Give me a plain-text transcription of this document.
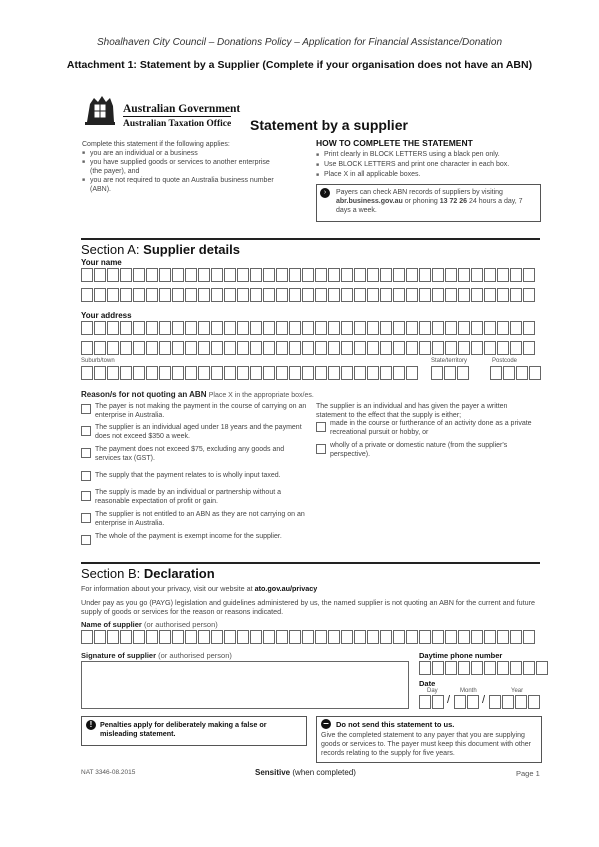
Shoalhaven City Council – Donations Policy – Application for Financial Assistance/Donation
Attachment 1: Statement by a Supplier (Complete if your organisation does not have an ABN)
Australian Government
Australian Taxation Office Statement by a supplier
Complete this statement if the following applies:
■ you are an individual or a business
■ you have supplied goods or services to another enterprise (the payer), and
■ you are not required to quote an Australia business number (ABN).
HOW TO COMPLETE THE STATEMENT
■ Print clearly in BLOCK LETTERS using a black pen only.
■ Use BLOCK LETTERS and print one character in each box.
■ Place X in all applicable boxes.
›	Payers can check ABN records of suppliers by visiting abr.business.gov.au or phoning 13 72 26 24 hours a day, 7 days a week.
Section A: Supplier details
Your name
Your address
Suburb/town	State/territory	Postcode
Reason/s for not quoting an ABN Place X in the appropriate box/es.
The payer is not making the payment in the course of carrying on an enterprise in Australia.
The supplier is an individual aged under 18 years and the payment does not exceed $350 a week.
The payment does not exceed $75, excluding any goods and services tax (GST).
The supply that the payment relates to is wholly input taxed.
The supply is made by an individual or partnership without a reasonable expectation of profit or gain.
The supplier is not entitled to an ABN as they are not carrying on an enterprise in Australia.
The whole of the payment is exempt income for the supplier.
The supplier is an individual and has given the payer a written statement to the effect that the supply is either;
made in the course or furtherance of an activity done as a private recreational pursuit or hobby, or
wholly of a private or domestic nature (from the supplier's perspective).
Section B: Declaration
For information about your privacy, visit our website at ato.gov.au/privacy
Under pay as you go (PAYG) legislation and guidelines administered by us, the named supplier is not quoting an ABN for the current and future supply of goods or services for the reason or reasons indicated.
Name of supplier (or authorised person)
Signature of supplier (or authorised person)	Daytime phone number
Date
Day	Month	Year
/	/
!	Penalties apply for deliberately making a false or misleading statement.
– Do not send this statement to us.
Give the completed statement to any payer that you are supplying goods or services to. The payer must keep this document with other records relating to the supply for five years.
NAT 3346-08.2015	Sensitive (when completed)	Page 1
